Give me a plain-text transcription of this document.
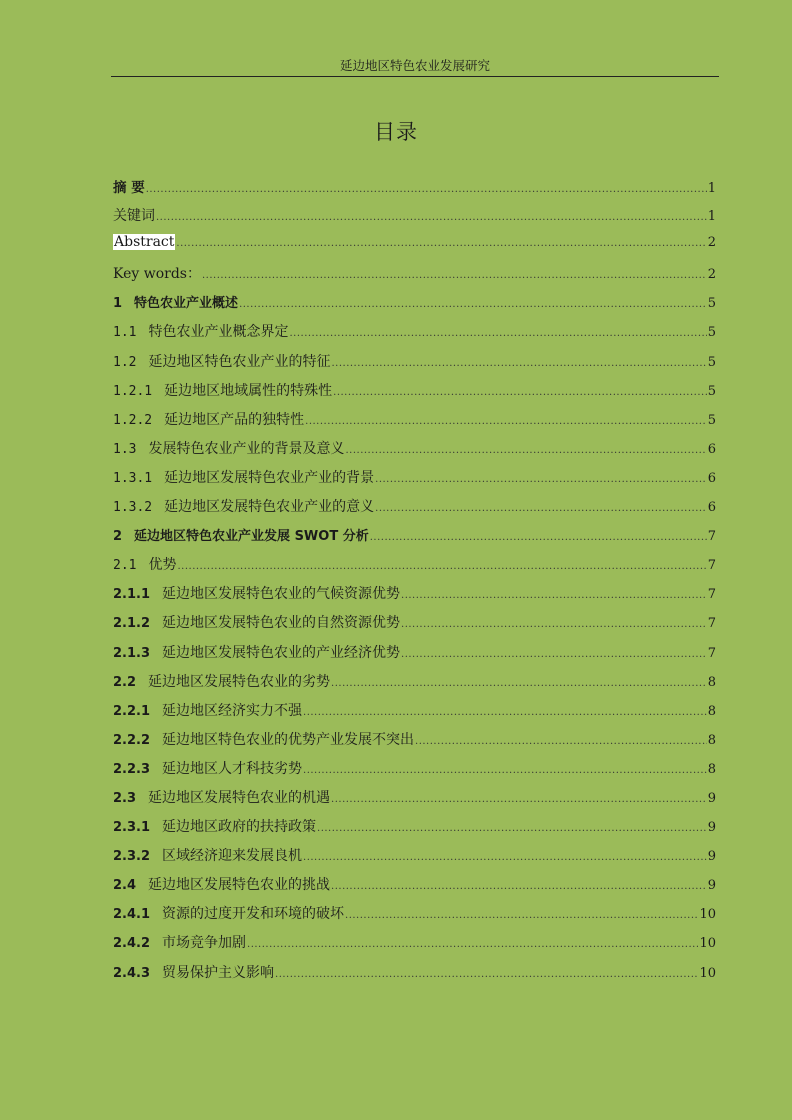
延边地区特色农业发展研究
目录
摘 要 .....	1
关键词 .....	1
Abstract .....	2
Key words： .....	2
1 特色农业产业概述 .....	5
1.1 特色农业产业概念界定 .....	5
1.2 延边地区特色农业产业的特征 .....	5
1.2.1 延边地区地域属性的特殊性 .....	5
1.2.2 延边地区产品的独特性 .....	5
1.3 发展特色农业产业的背景及意义 .....	6
1.3.1 延边地区发展特色农业产业的背景 .....	6
1.3.2 延边地区发展特色农业产业的意义 .....	6
2 延边地区特色农业产业发展 SWOT 分析 .....	7
2.1 优势 .....	7
2.1.1 延边地区发展特色农业的气候资源优势 .....	7
2.1.2 延边地区发展特色农业的自然资源优势 .....	7
2.1.3 延边地区发展特色农业的产业经济优势 .....	7
2.2 延边地区发展特色农业的劣势 .....	8
2.2.1 延边地区经济实力不强 .....	8
2.2.2 延边地区特色农业的优势产业发展不突出 .....	8
2.2.3 延边地区人才科技劣势 .....	8
2.3 延边地区发展特色农业的机遇 .....	9
2.3.1 延边地区政府的扶持政策 .....	9
2.3.2 区域经济迎来发展良机 .....	9
2.4 延边地区发展特色农业的挑战 .....	9
2.4.1 资源的过度开发和环境的破坏 .....	10
2.4.2 市场竞争加剧 .....	10
2.4.3 贸易保护主义影响 .....	10
